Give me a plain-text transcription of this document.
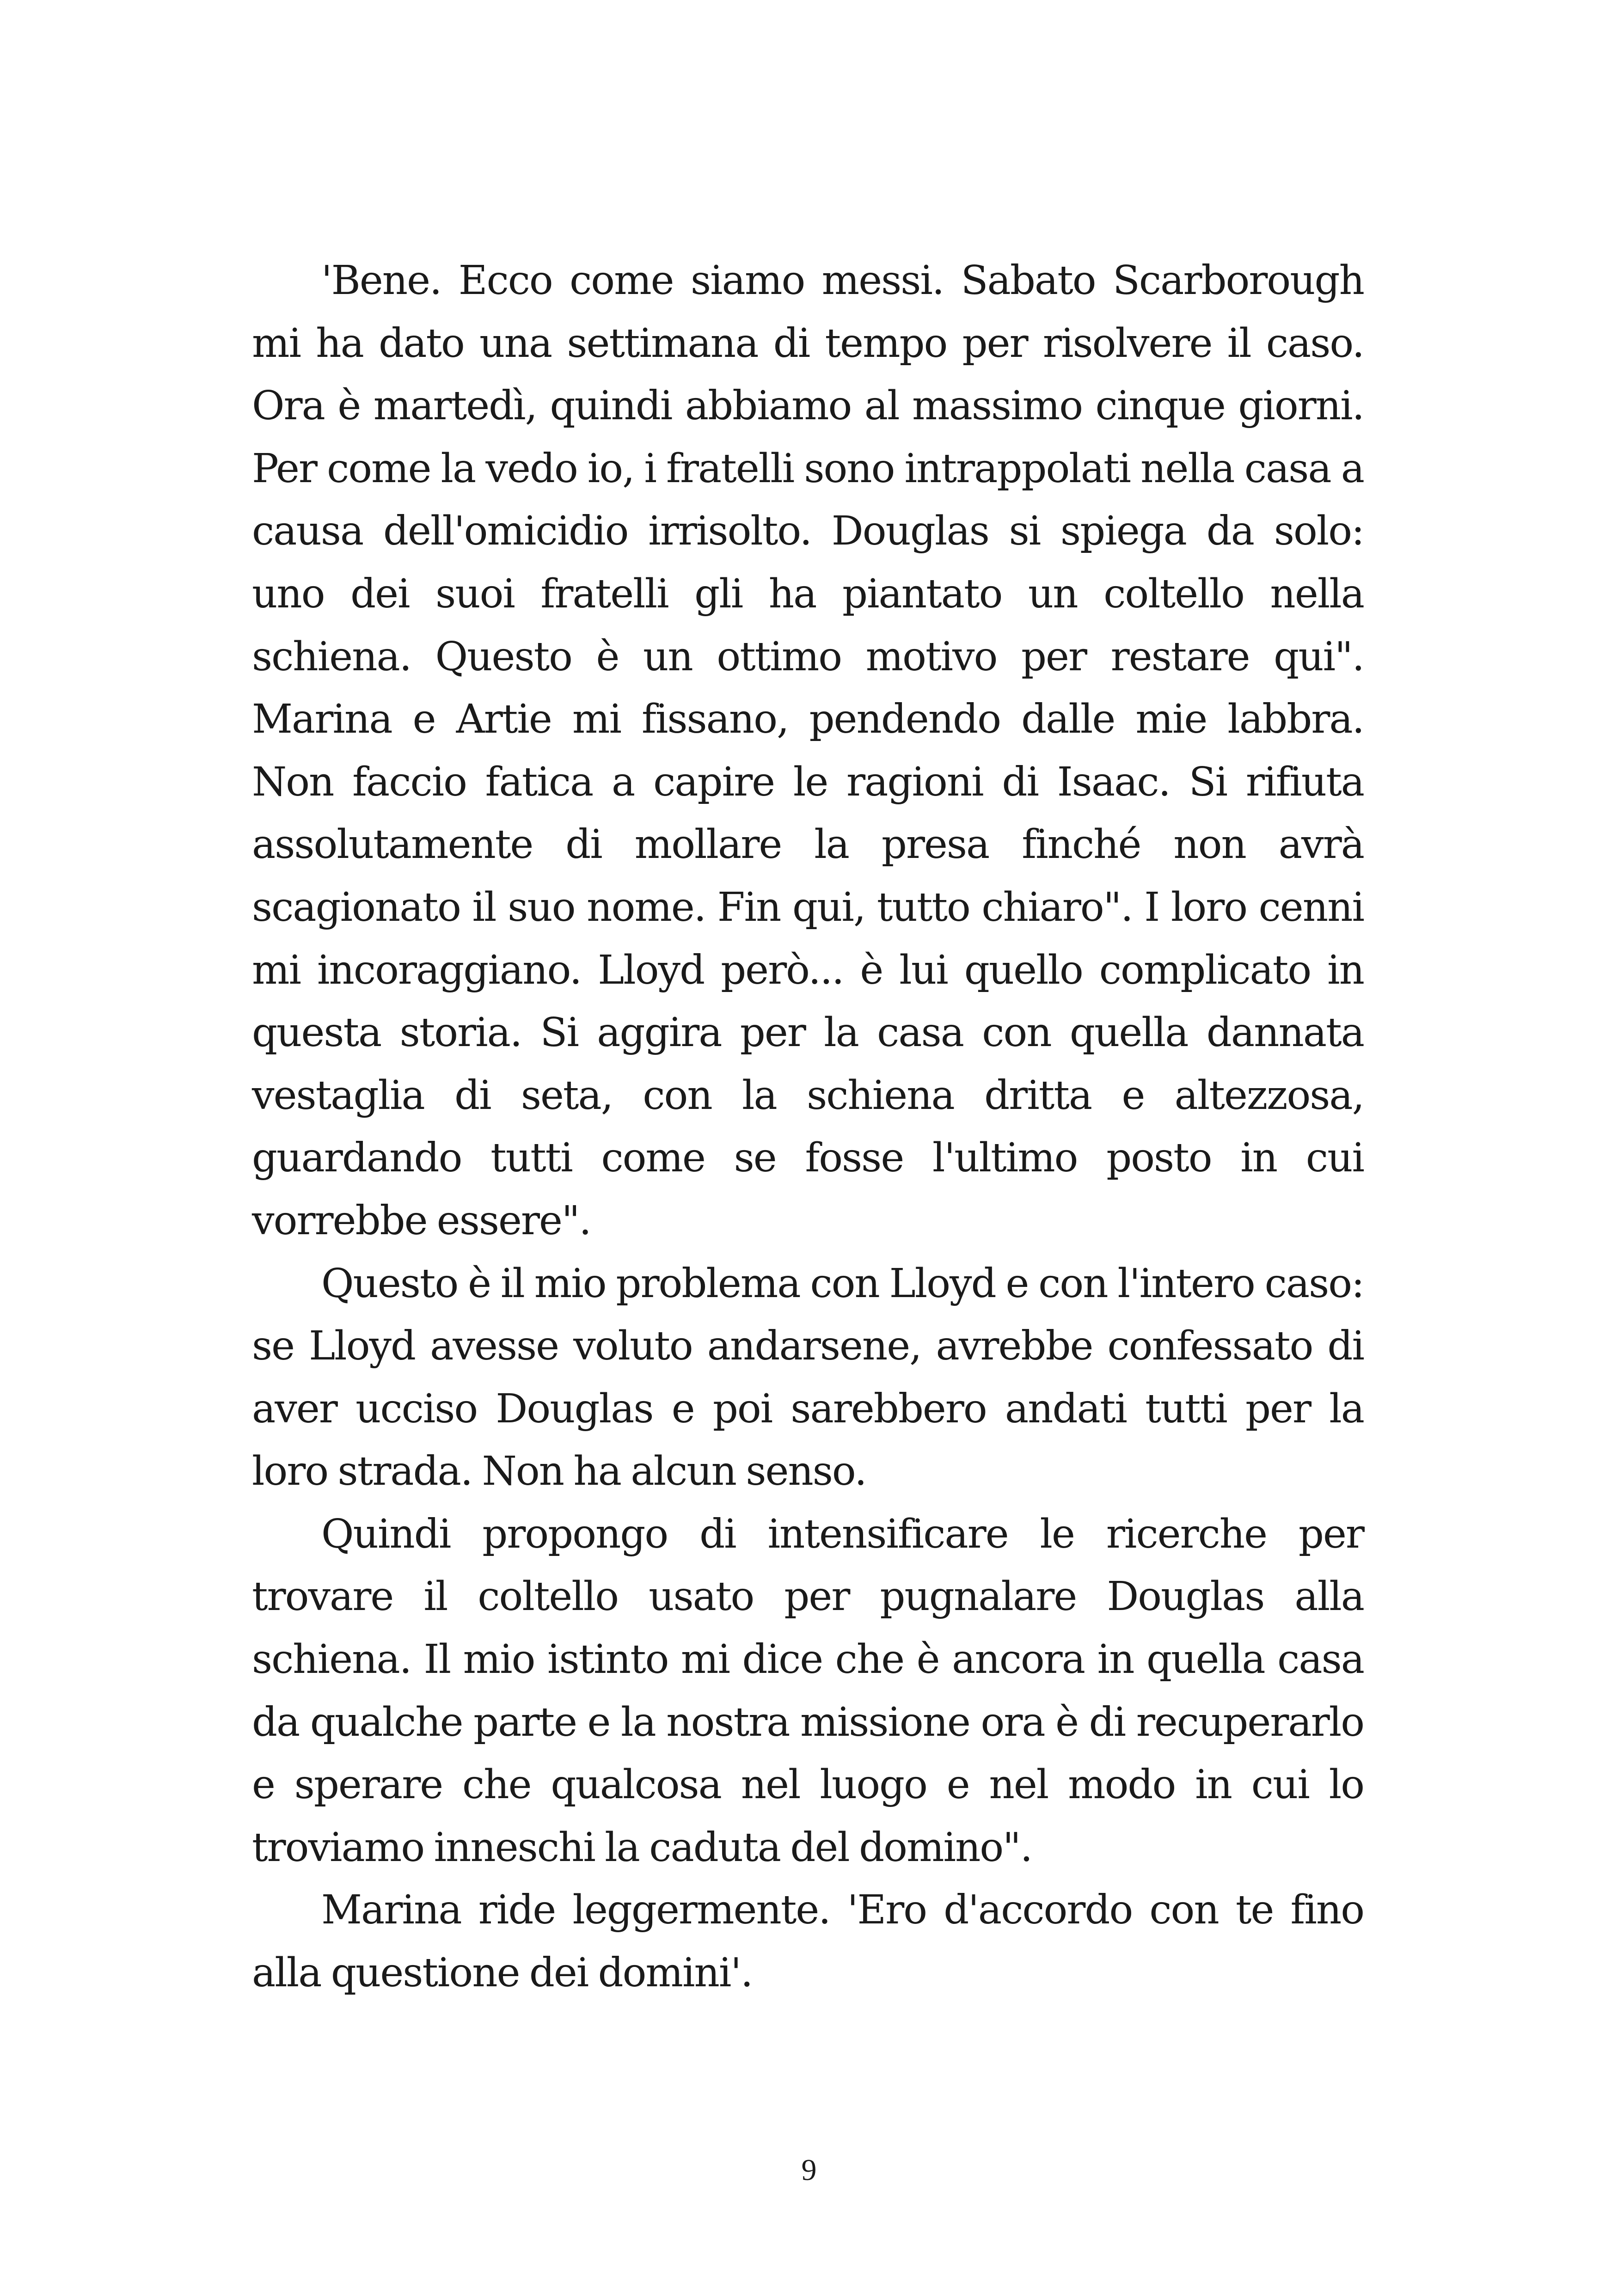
'Bene. Ecco come siamo messi. Sabato Scarborough mi ha dato una settimana di tempo per risolvere il caso. Ora è martedì, quindi abbiamo al massimo cinque giorni. Per come la vedo io, i fratelli sono intrappolati nella casa a causa dell'omicidio irrisolto. Douglas si spiega da solo: uno dei suoi fratelli gli ha piantato un coltello nella schiena. Questo è un ottimo motivo per restare qui". Marina e Artie mi fissano, pendendo dalle mie labbra. Non faccio fatica a capire le ragioni di Isaac. Si rifiuta assolutamente di mollare la presa finché non avrà scagionato il suo nome. Fin qui, tutto chiaro". I loro cenni mi incoraggiano. Lloyd però... è lui quello complicato in questa storia. Si aggira per la casa con quella dannata vestaglia di seta, con la schiena dritta e altezzosa, guardando tutti come se fosse l'ultimo posto in cui vorrebbe essere".

Questo è il mio problema con Lloyd e con l'intero caso: se Lloyd avesse voluto andarsene, avrebbe confessato di aver ucciso Douglas e poi sarebbero andati tutti per la loro strada. Non ha alcun senso.

Quindi propongo di intensificare le ricerche per trovare il coltello usato per pugnalare Douglas alla schiena. Il mio istinto mi dice che è ancora in quella casa da qualche parte e la nostra missione ora è di recuperarlo e sperare che qualcosa nel luogo e nel modo in cui lo troviamo inneschi la caduta del domino".

Marina ride leggermente. 'Ero d'accordo con te fino alla questione dei domini'.

9
